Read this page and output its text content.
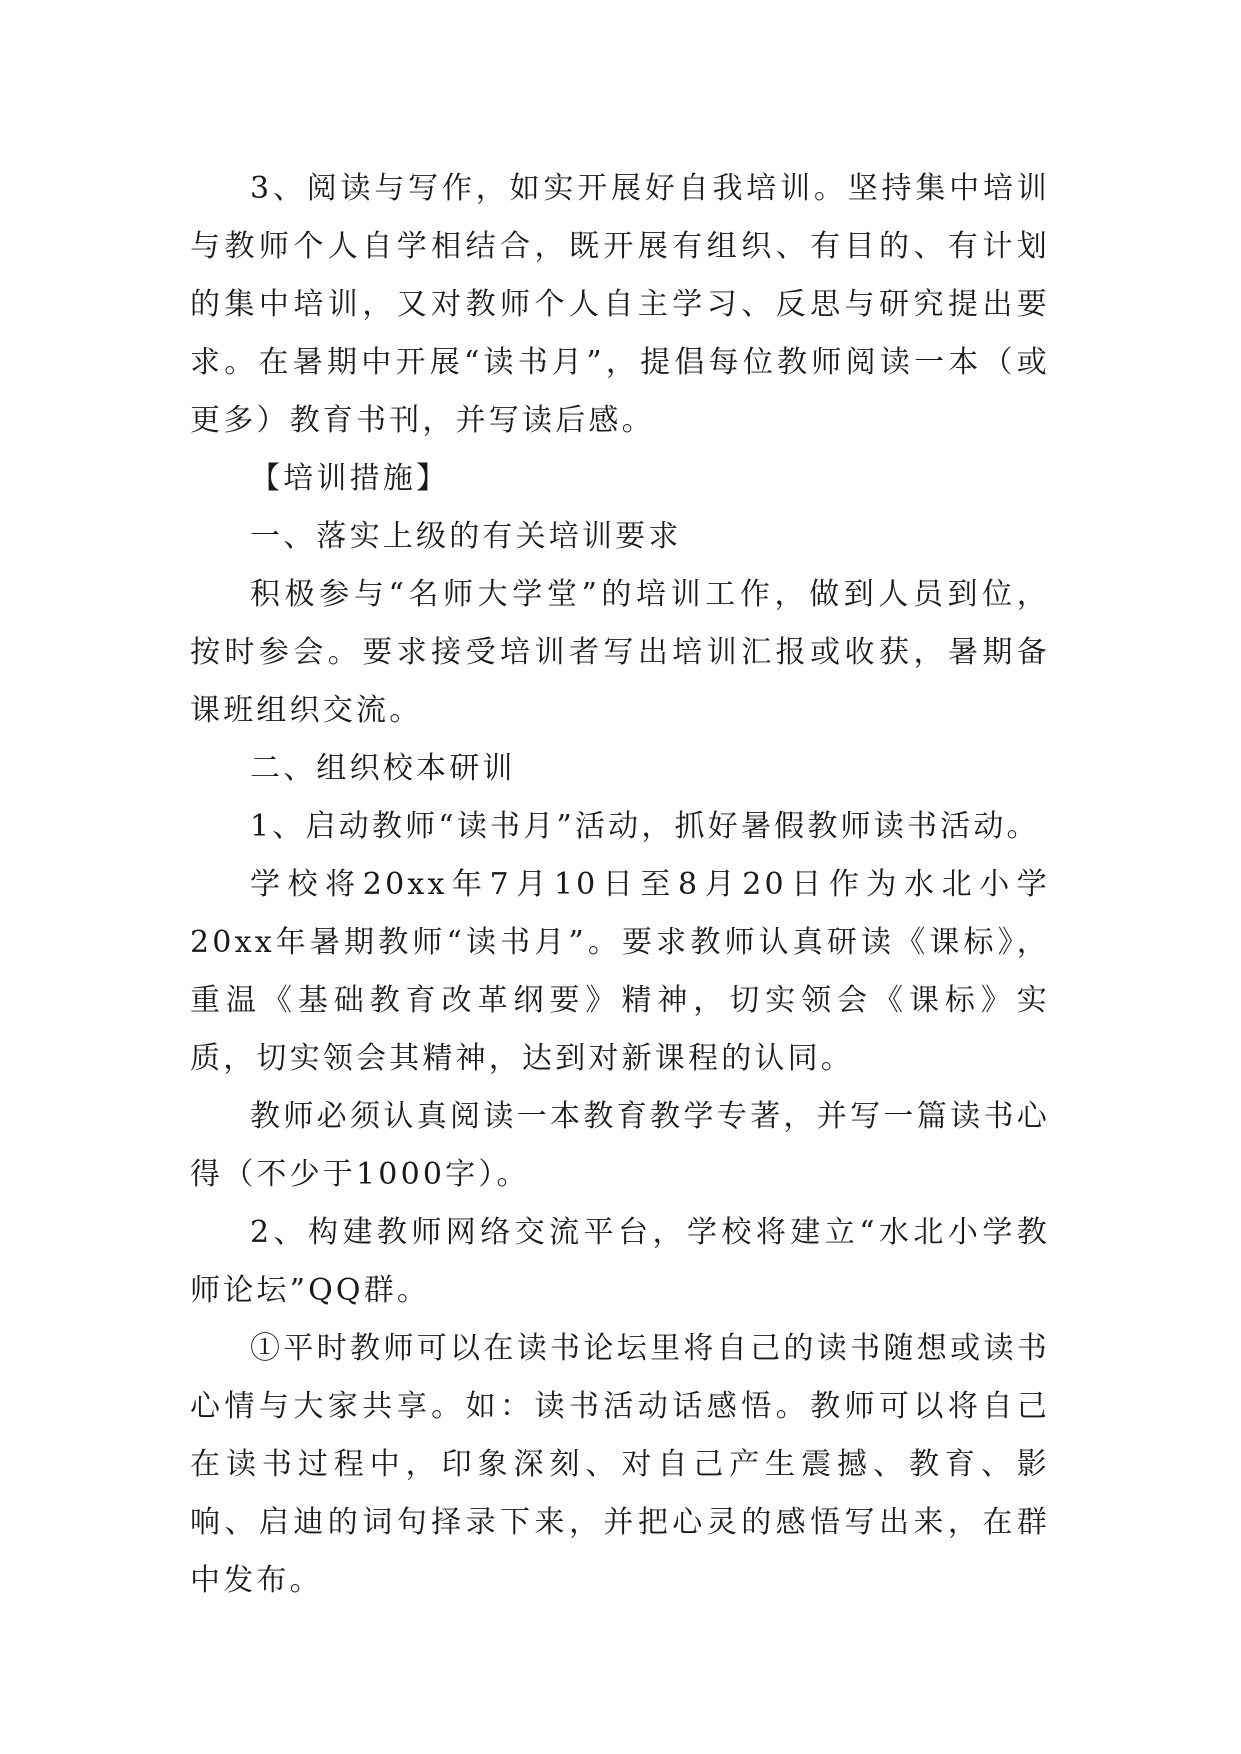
3、阅读与写作，如实开展好自我培训。坚持集中培训与教师个人自学相结合，既开展有组织、有目的、有计划的集中培训，又对教师个人自主学习、反思与研究提出要求。在暑期中开展“读书月”，提倡每位教师阅读一本（或更多）教育书刊，并写读后感。

【培训措施】

一、落实上级的有关培训要求

积极参与“名师大学堂”的培训工作，做到人员到位，按时参会。要求接受培训者写出培训汇报或收获，暑期备课班组织交流。

二、组织校本研训

1、启动教师“读书月”活动，抓好暑假教师读书活动。

学校将20xx年7月10日至8月20日作为水北小学20xx年暑期教师“读书月”。要求教师认真研读《课标》，重温《基础教育改革纲要》精神，切实领会《课标》实质，切实领会其精神，达到对新课程的认同。

教师必须认真阅读一本教育教学专著，并写一篇读书心得（不少于1000字）。

2、构建教师网络交流平台，学校将建立“水北小学教师论坛”QQ群。

①平时教师可以在读书论坛里将自己的读书随想或读书心情与大家共享。如：读书活动话感悟。教师可以将自己在读书过程中，印象深刻、对自己产生震撼、教育、影响、启迪的词句择录下来，并把心灵的感悟写出来，在群中发布。
